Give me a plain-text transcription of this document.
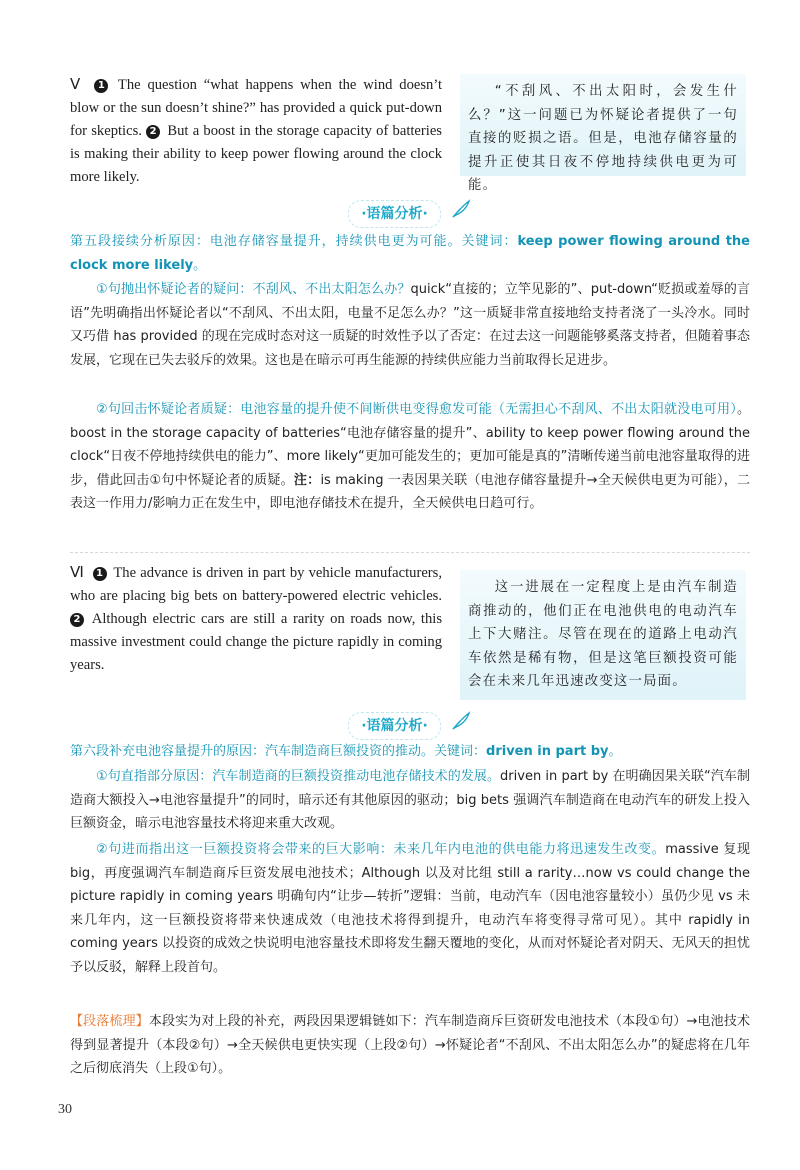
Ⅴ 1 The question “what happens when the wind doesn’t blow or the sun doesn’t shine?” has provided a quick put-down for skeptics. 2 But a boost in the storage capacity of batteries is making their ability to keep power flowing around the clock more likely.
“不刮风、不出太阳时，会发生什么？”这一问题已为怀疑论者提供了一句直接的贬损之语。但是，电池存储容量的提升正使其日夜不停地持续供电更为可能。
·语篇分析·

第五段接续分析原因：电池存储容量提升，持续供电更为可能。关键词：keep power flowing around the clock more likely。

①句抛出怀疑论者的疑问：不刮风、不出太阳怎么办？quick“直接的；立竿见影的”、put-down“贬损或羞辱的言语”先明确指出怀疑论者以“不刮风、不出太阳，电量不足怎么办？”这一质疑非常直接地给支持者浇了一头冷水。同时又巧借 has provided 的现在完成时态对这一质疑的时效性予以了否定：在过去这一问题能够奚落支持者，但随着事态发展，它现在已失去驳斥的效果。这也是在暗示可再生能源的持续供应能力当前取得长足进步。

②句回击怀疑论者质疑：电池容量的提升使不间断供电变得愈发可能（无需担心不刮风、不出太阳就没电可用）。boost in the storage capacity of batteries“电池存储容量的提升”、ability to keep power flowing around the clock“日夜不停地持续供电的能力”、more likely“更加可能发生的；更加可能是真的”清晰传递当前电池容量取得的进步，借此回击①句中怀疑论者的质疑。注：is making 一表因果关联（电池存储容量提升→全天候供电更为可能），二表这一作用力/影响力正在发生中，即电池存储技术在提升，全天候供电日趋可行。

Ⅵ 1 The advance is driven in part by vehicle manufacturers, who are placing big bets on battery-powered electric vehicles. 2 Although electric cars are still a rarity on roads now, this massive investment could change the picture rapidly in coming years.
这一进展在一定程度上是由汽车制造商推动的，他们正在电池供电的电动汽车上下大赌注。尽管在现在的道路上电动汽车依然是稀有物，但是这笔巨额投资可能会在未来几年迅速改变这一局面。
·语篇分析·

第六段补充电池容量提升的原因：汽车制造商巨额投资的推动。关键词：driven in part by。

①句直指部分原因：汽车制造商的巨额投资推动电池存储技术的发展。driven in part by 在明确因果关联“汽车制造商大额投入→电池容量提升”的同时，暗示还有其他原因的驱动；big bets 强调汽车制造商在电动汽车的研发上投入巨额资金，暗示电池容量技术将迎来重大改观。

②句进而指出这一巨额投资将会带来的巨大影响：未来几年内电池的供电能力将迅速发生改变。massive 复现 big，再度强调汽车制造商斥巨资发展电池技术；Although 以及对比组 still a rarity…now vs could change the picture rapidly in coming years 明确句内“让步—转折”逻辑：当前，电动汽车（因电池容量较小）虽仍少见 vs 未来几年内，这一巨额投资将带来快速成效（电池技术将得到提升，电动汽车将变得寻常可见）。其中 rapidly in coming years 以投资的成效之快说明电池容量技术即将发生翻天覆地的变化，从而对怀疑论者对阴天、无风天的担忧予以反驳，解释上段首句。

【段落梳理】本段实为对上段的补充，两段因果逻辑链如下：汽车制造商斥巨资研发电池技术（本段①句）→电池技术得到显著提升（本段②句）→全天候供电更快实现（上段②句）→怀疑论者“不刮风、不出太阳怎么办”的疑虑将在几年之后彻底消失（上段①句）。

30
